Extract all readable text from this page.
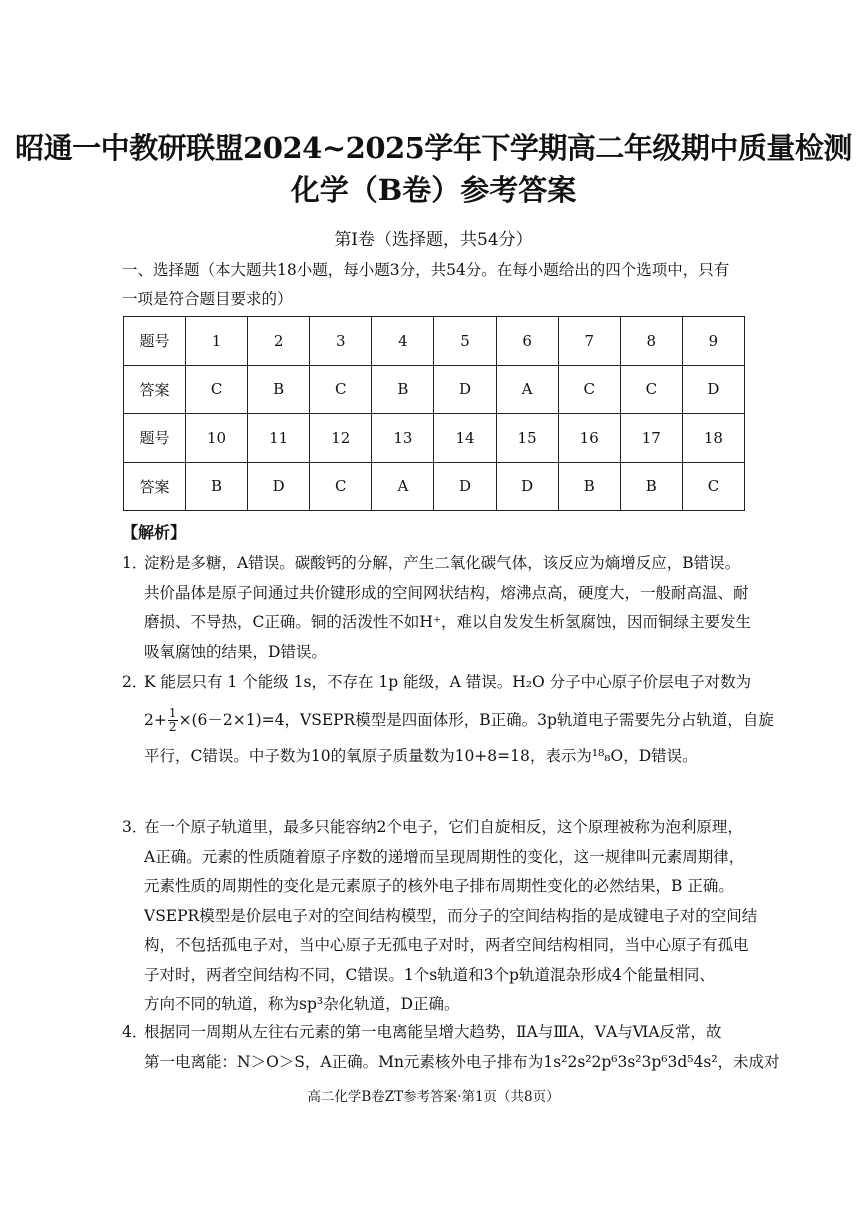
昭通一中教研联盟2024~2025学年下学期高二年级期中质量检测
化学（B卷）参考答案
第Ⅰ卷（选择题，共54分）
一、选择题（本大题共18小题，每小题3分，共54分。在每小题给出的四个选项中，只有
一项是符合题目要求的）
题号	1	2	3	4	5	6	7	8	9
答案	C	B	C	B	D	A	C	C	D
题号	10	11	12	13	14	15	16	17	18
答案	B	D	C	A	D	D	B	B	C
【解析】
1．
淀粉是多糖，A错误。碳酸钙的分解，产生二氧化碳气体，该反应为熵增反应，B错误。
共价晶体是原子间通过共价键形成的空间网状结构，熔沸点高，硬度大，一般耐高温、耐
磨损、不导热，C正确。铜的活泼性不如H⁺，难以自发发生析氢腐蚀，因而铜绿主要发生
吸氧腐蚀的结果，D错误。
2．
K 能层只有 1 个能级 1s，不存在 1p 能级，A 错误。H₂O 分子中心原子价层电子对数为
$2+ \frac{1}{2} \times(6-2\times 1)=4$，VSEPR模型是四面体形，B正确。3p轨道电子需要先分占轨道，自旋
平行，C错误。中子数为10的氧原子质量数为10+8=18，表示为¹⁸₈O，D错误。
3．
在一个原子轨道里，最多只能容纳2个电子，它们自旋相反，这个原理被称为泡利原理，
A正确。元素的性质随着原子序数的递增而呈现周期性的变化，这一规律叫元素周期律，
元素性质的周期性的变化是元素原子的核外电子排布周期性变化的必然结果，B 正确。
VSEPR模型是价层电子对的空间结构模型，而分子的空间结构指的是成键电子对的空间结
构，不包括孤电子对，当中心原子无孤电子对时，两者空间结构相同，当中心原子有孤电
子对时，两者空间结构不同，C错误。1个s轨道和3个p轨道混杂形成4个能量相同、
方向不同的轨道，称为sp³杂化轨道，D正确。
4．
根据同一周期从左往右元素的第一电离能呈增大趋势，ⅡA与ⅢA，ⅤA与ⅥA反常，故
第一电离能：N＞O＞S，A正确。Mn元素核外电子排布为1s²2s²2p⁶3s²3p⁶3d⁵4s²，未成对
高二化学B卷ZT参考答案·第1页（共8页）
